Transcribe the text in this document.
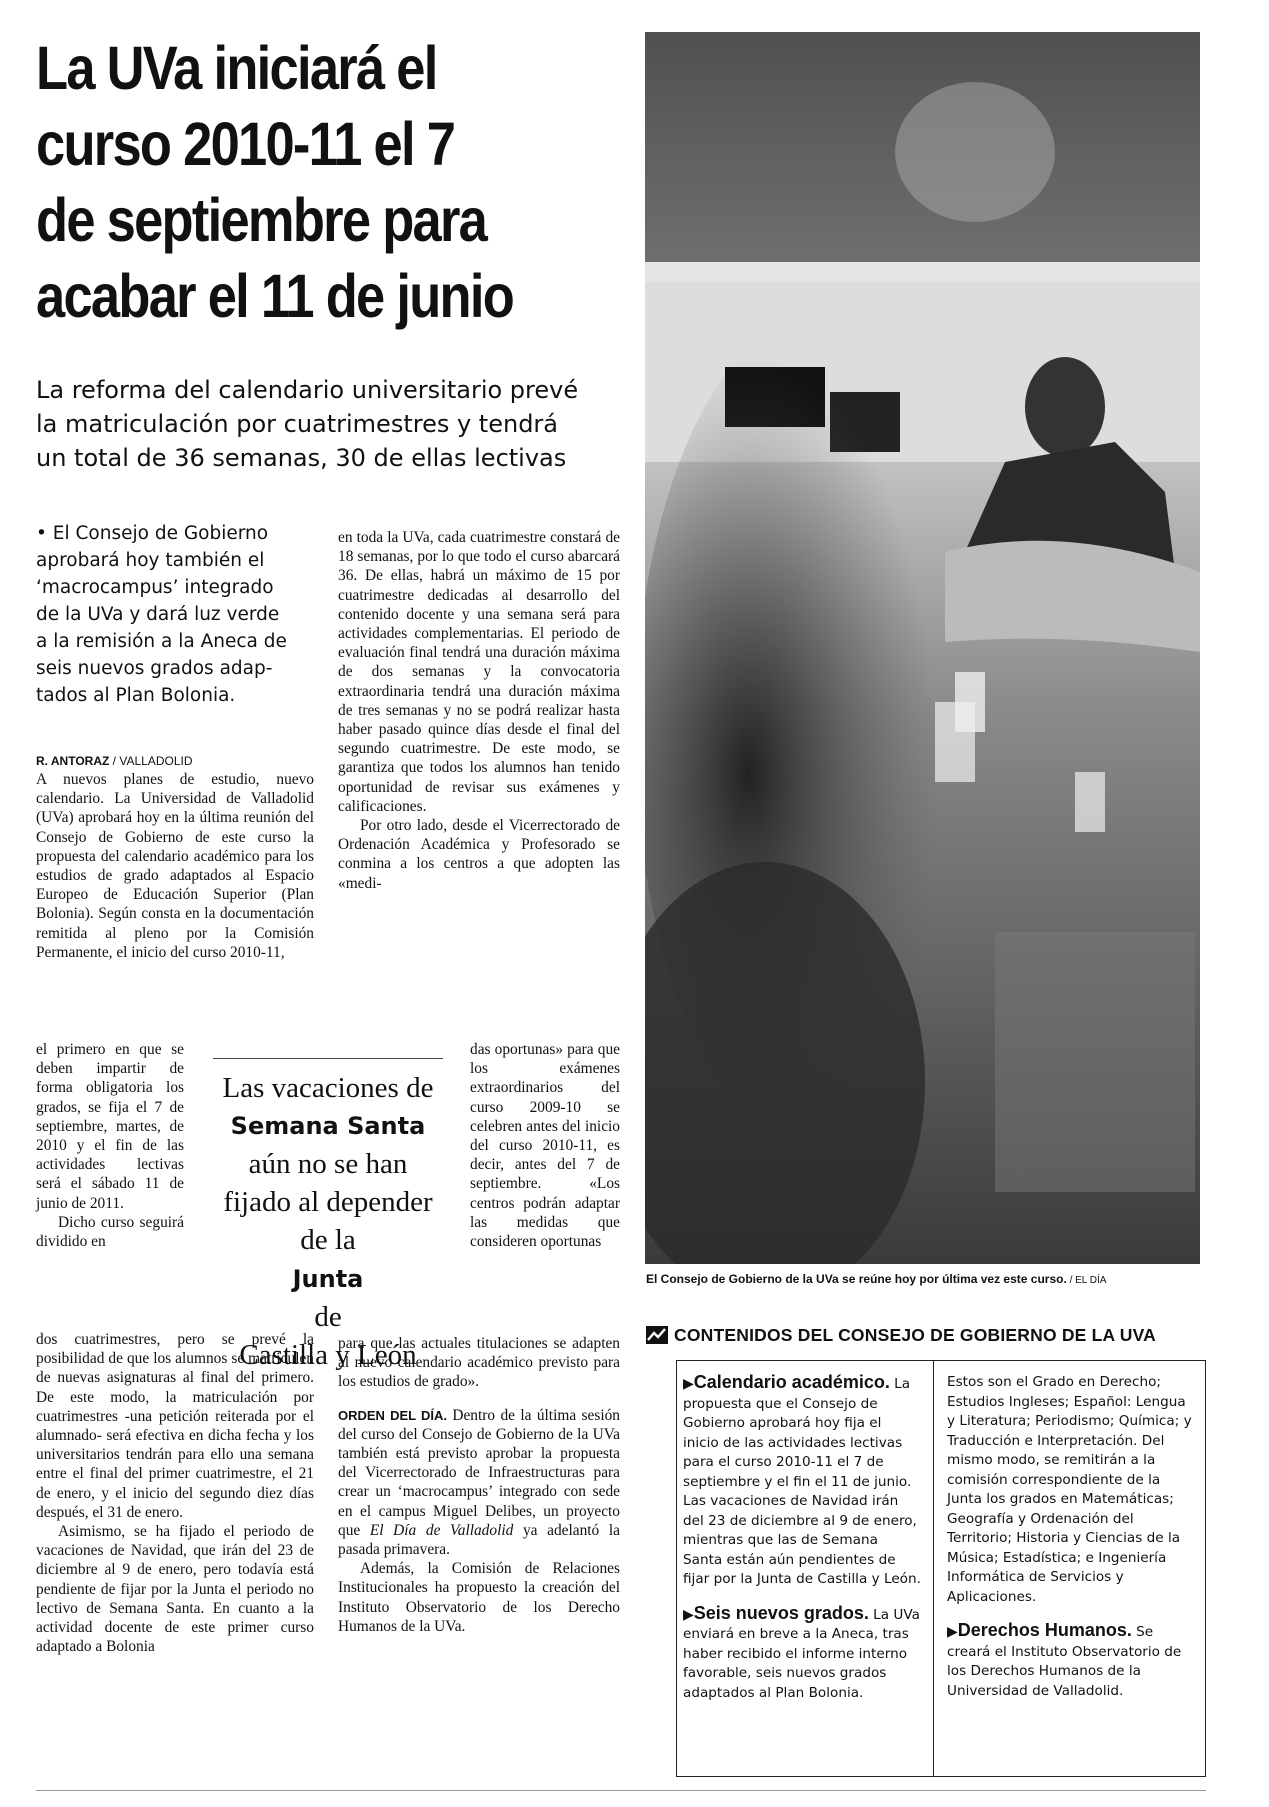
La UVa iniciará el
curso 2010-11 el 7
de septiembre para
acabar el 11 de junio
La reforma del calendario universitario prevé
la matriculación por cuatrimestres y tendrá
un total de 36 semanas, 30 de ellas lectivas
• El Consejo de Gobierno
aprobará hoy también el
‘macrocampus’ integrado
de la UVa y dará luz verde
a la remisión a la Aneca de
seis nuevos grados adap-
tados al Plan Bolonia.
R. ANTORAZ / VALLADOLID

A nuevos planes de estudio, nuevo calendario. La Universidad de Valladolid (UVa) aprobará hoy en la última reunión del Consejo de Gobierno de este curso la propuesta del calendario académico para los estudios de grado adaptados al Espacio Europeo de Educación Superior (Plan Bolonia). Según consta en la documentación remitida al pleno por la Comisión Permanente, el inicio del curso 2010-11,

el primero en que se deben impartir de forma obligatoria los grados, se fija el 7 de septiembre, martes, de 2010 y el fin de las actividades lectivas será el sábado 11 de junio de 2011.

Dicho curso seguirá dividido en

dos cuatrimestres, pero se prevé la posibilidad de que los alumnos se matriculen de nuevas asignaturas al final del primero. De este modo, la matriculación por cuatrimestres -una petición reiterada por el alumnado- será efectiva en dicha fecha y los universitarios tendrán para ello una semana entre el final del primer cuatrimestre, el 21 de enero, y el inicio del segundo diez días después, el 31 de enero.

Asimismo, se ha fijado el periodo de vacaciones de Navidad, que irán del 23 de diciembre al 9 de enero, pero todavía está pendiente de fijar por la Junta el periodo no lectivo de Semana Santa. En cuanto a la actividad docente de este primer curso adaptado a Bolonia

en toda la UVa, cada cuatrimestre constará de 18 semanas, por lo que todo el curso abarcará 36. De ellas, habrá un máximo de 15 por cuatrimestre dedicadas al desarrollo del contenido docente y una semana será para actividades complementarias. El periodo de evaluación final tendrá una duración máxima de dos semanas y la convocatoria extraordinaria tendrá una duración máxima de tres semanas y no se podrá realizar hasta haber pasado quince días desde el final del segundo cuatrimestre. De este modo, se garantiza que todos los alumnos han tenido oportunidad de revisar sus exámenes y calificaciones.

Por otro lado, desde el Vicerrectorado de Ordenación Académica y Profesorado se conmina a los centros a que adopten las «medi-

das oportunas» para que los exámenes extraordinarios del curso 2009-10 se celebren antes del inicio del curso 2010-11, es decir, antes del 7 de septiembre. «Los centros podrán adaptar las medidas que consideren oportunas

para que las actuales titulaciones se adapten al nuevo calendario académico previsto para los estudios de grado».

ORDEN DEL DÍA. Dentro de la última sesión del curso del Consejo de Gobierno de la UVa también está previsto aprobar la propuesta del Vicerrectorado de Infraestructuras para crear un ‘macrocampus’ integrado con sede en el campus Miguel Delibes, un proyecto que El Día de Valladolid ya adelantó la pasada primavera.

Además, la Comisión de Relaciones Institucionales ha propuesto la creación del Instituto Observatorio de los Derecho Humanos de la UVa.

Las vacaciones de
Semana Santa
aún no se han
fijado al depender
de la
Junta
de
Castilla y León
El Consejo de Gobierno de la UVa se reúne hoy por última vez este curso. / EL DÍA
CONTENIDOS DEL CONSEJO DE GOBIERNO DE LA UVA

▶Calendario académico. La propuesta que el Consejo de Gobierno aprobará hoy fija el inicio de las actividades lectivas para el curso 2010-11 el 7 de septiembre y el fin el 11 de junio. Las vacaciones de Navidad irán del 23 de diciembre al 9 de enero, mientras que las de Semana Santa están aún pendientes de fijar por la Junta de Castilla y León.

▶Seis nuevos grados. La UVa enviará en breve a la Aneca, tras haber recibido el informe interno favorable, seis nuevos grados adaptados al Plan Bolonia.

Estos son el Grado en Derecho; Estudios Ingleses; Español: Lengua y Literatura; Periodismo; Química; y Traducción e Interpretación. Del mismo modo, se remitirán a la comisión correspondiente de la Junta los grados en Matemáticas; Geografía y Ordenación del Territorio; Historia y Ciencias de la Música; Estadística; e Ingeniería Informática de Servicios y Aplicaciones.

▶Derechos Humanos. Se creará el Instituto Observatorio de los Derechos Humanos de la Universidad de Valladolid.
